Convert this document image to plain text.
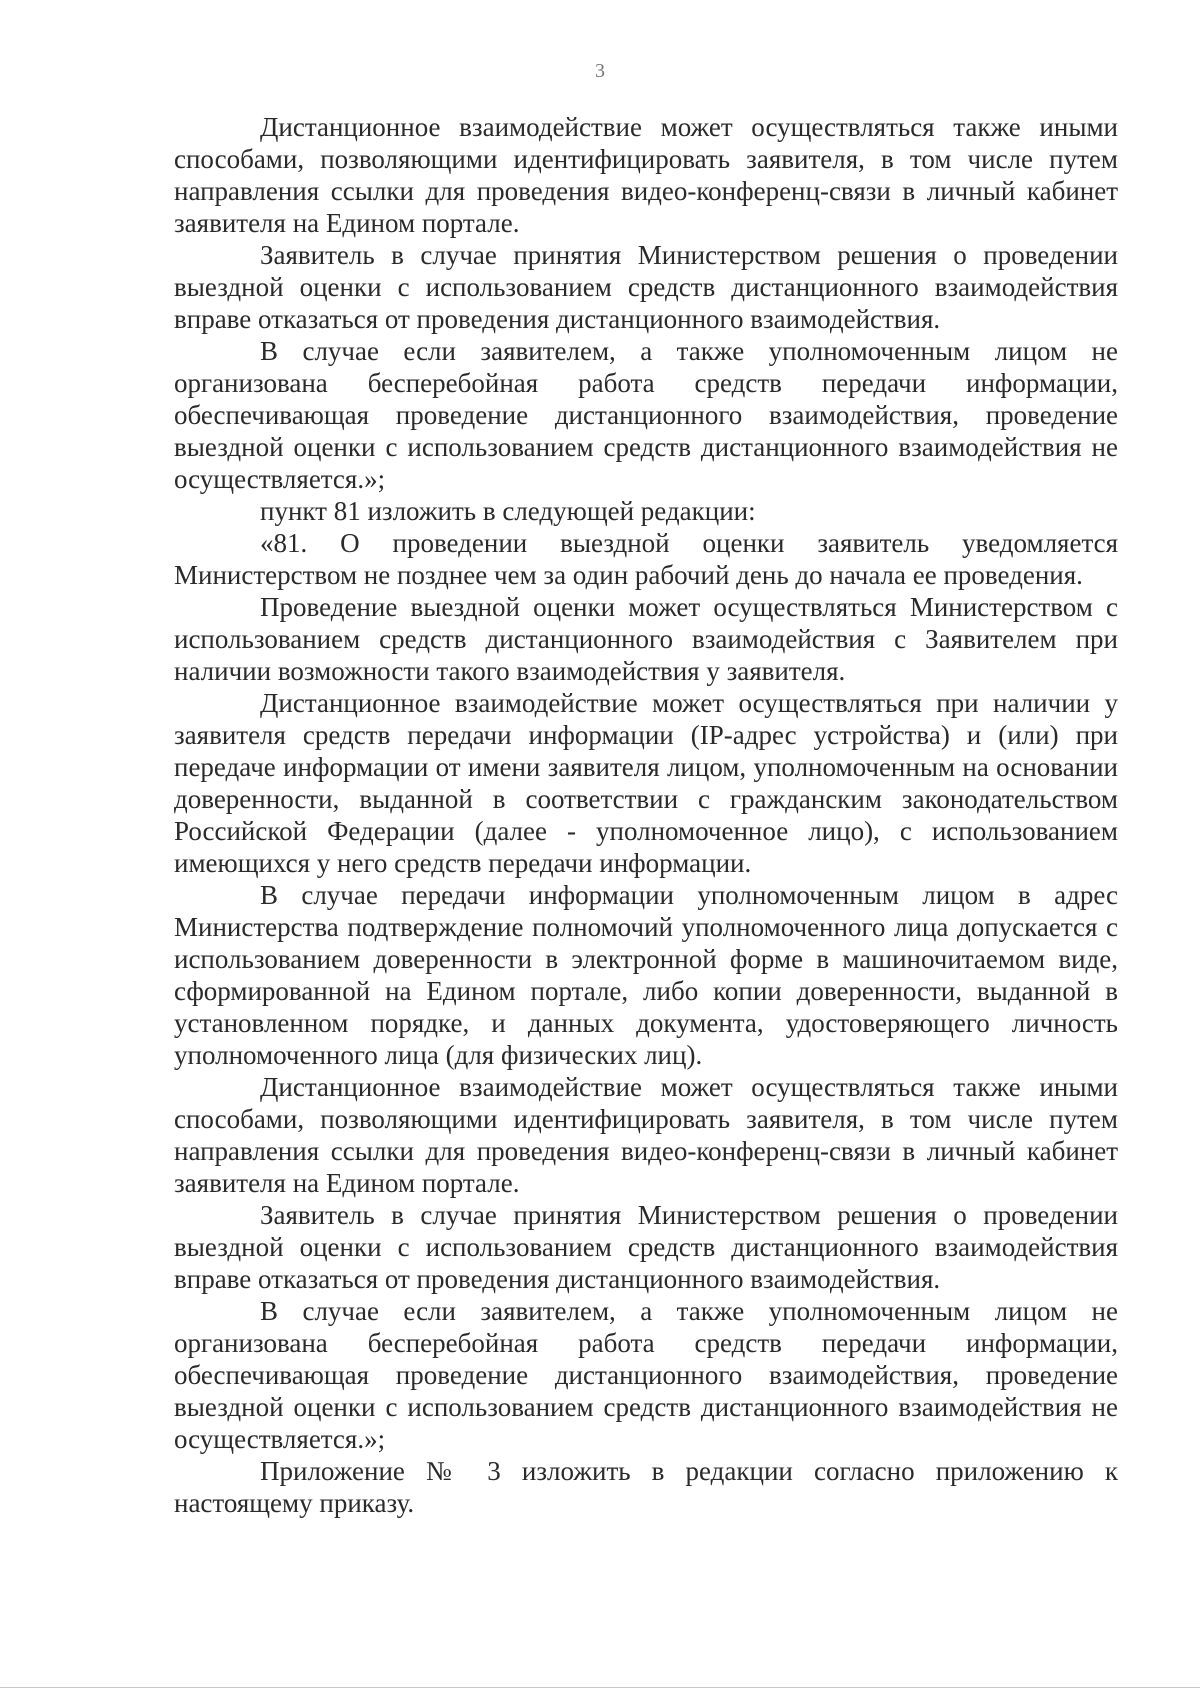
3

Дистанционное взаимодействие может осуществляться также иными способами, позволяющими идентифицировать заявителя, в том числе путем направления ссылки для проведения видео-конференц-связи в личный кабинет заявителя на Едином портале.

Заявитель в случае принятия Министерством решения о проведении выездной оценки с использованием средств дистанционного взаимодействия вправе отказаться от проведения дистанционного взаимодействия.

В случае если заявителем, а также уполномоченным лицом не организована бесперебойная работа средств передачи информации, обеспечивающая проведение дистанционного взаимодействия, проведение выездной оценки с использованием средств дистанционного взаимодействия не осуществляется.»;

пункт 81 изложить в следующей редакции:

«81. О проведении выездной оценки заявитель уведомляется Министерством не позднее чем за один рабочий день до начала ее проведения.

Проведение выездной оценки может осуществляться Министерством с использованием средств дистанционного взаимодействия с Заявителем при наличии возможности такого взаимодействия у заявителя.

Дистанционное взаимодействие может осуществляться при наличии у заявителя средств передачи информации (IP-адрес устройства) и (или) при передаче информации от имени заявителя лицом, уполномоченным на основании доверенности, выданной в соответствии с гражданским законодательством Российской Федерации (далее - уполномоченное лицо), с использованием имеющихся у него средств передачи информации.

В случае передачи информации уполномоченным лицом в адрес Министерства подтверждение полномочий уполномоченного лица допускается с использованием доверенности в электронной форме в машиночитаемом виде, сформированной на Едином портале, либо копии доверенности, выданной в установленном порядке, и данных документа, удостоверяющего личность уполномоченного лица (для физических лиц).

Дистанционное взаимодействие может осуществляться также иными способами, позволяющими идентифицировать заявителя, в том числе путем направления ссылки для проведения видео-конференц-связи в личный кабинет заявителя на Едином портале.

Заявитель в случае принятия Министерством решения о проведении выездной оценки с использованием средств дистанционного взаимодействия вправе отказаться от проведения дистанционного взаимодействия.

В случае если заявителем, а также уполномоченным лицом не организована бесперебойная работа средств передачи информации, обеспечивающая проведение дистанционного взаимодействия, проведение выездной оценки с использованием средств дистанционного взаимодействия не осуществляется.»;

Приложение № 3 изложить в редакции согласно приложению к настоящему приказу.
